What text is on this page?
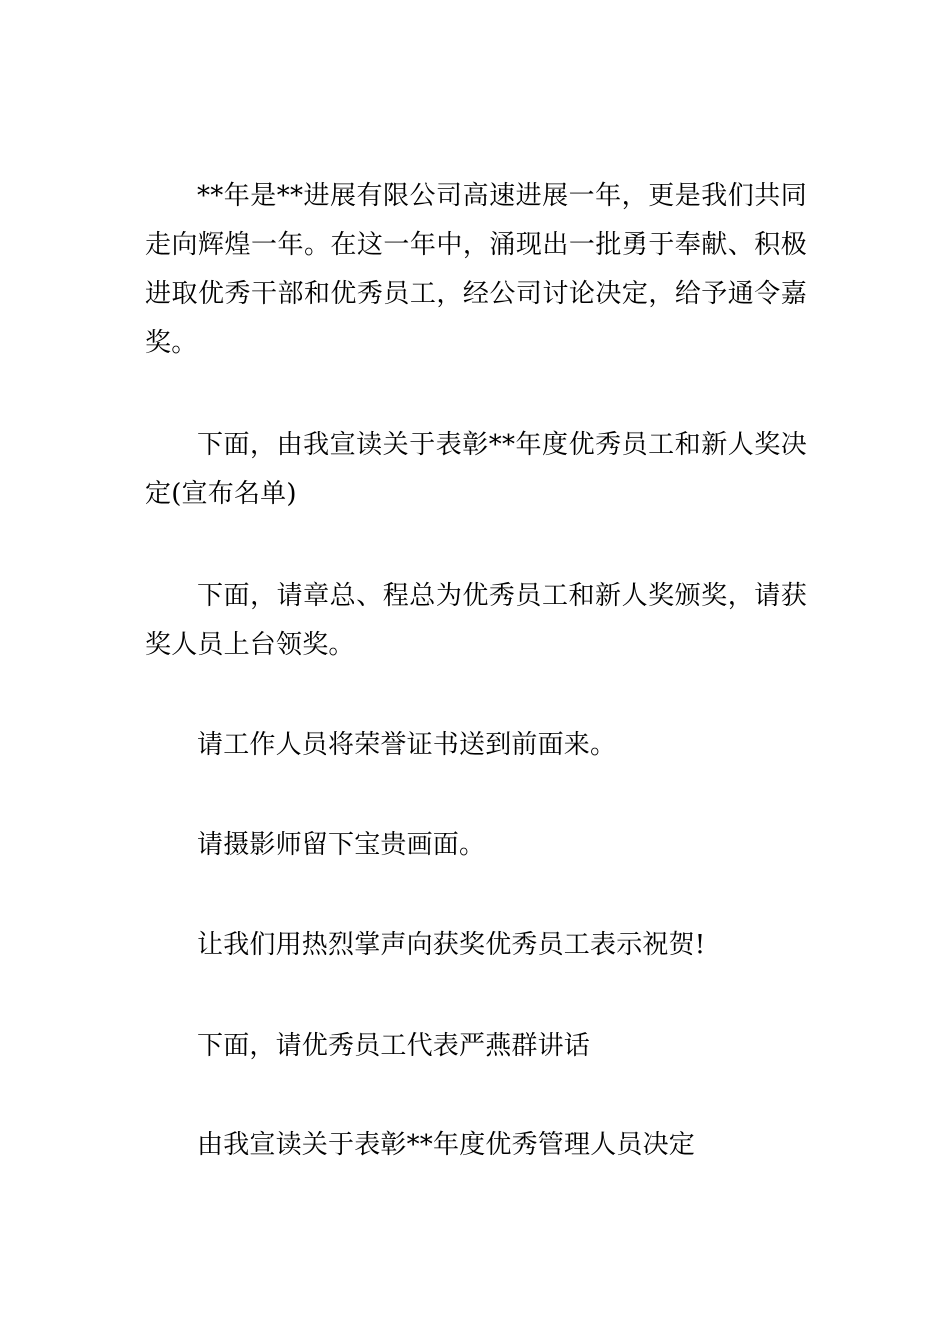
**年是**进展有限公司高速进展一年，更是我们共同走向辉煌一年。在这一年中，涌现出一批勇于奉献、积极进取优秀干部和优秀员工，经公司讨论决定，给予通令嘉奖。

下面，由我宣读关于表彰**年度优秀员工和新人奖决定(宣布名单)

下面，请章总、程总为优秀员工和新人奖颁奖，请获奖人员上台领奖。

请工作人员将荣誉证书送到前面来。

请摄影师留下宝贵画面。

让我们用热烈掌声向获奖优秀员工表示祝贺!

下面，请优秀员工代表严燕群讲话

由我宣读关于表彰**年度优秀管理人员决定
